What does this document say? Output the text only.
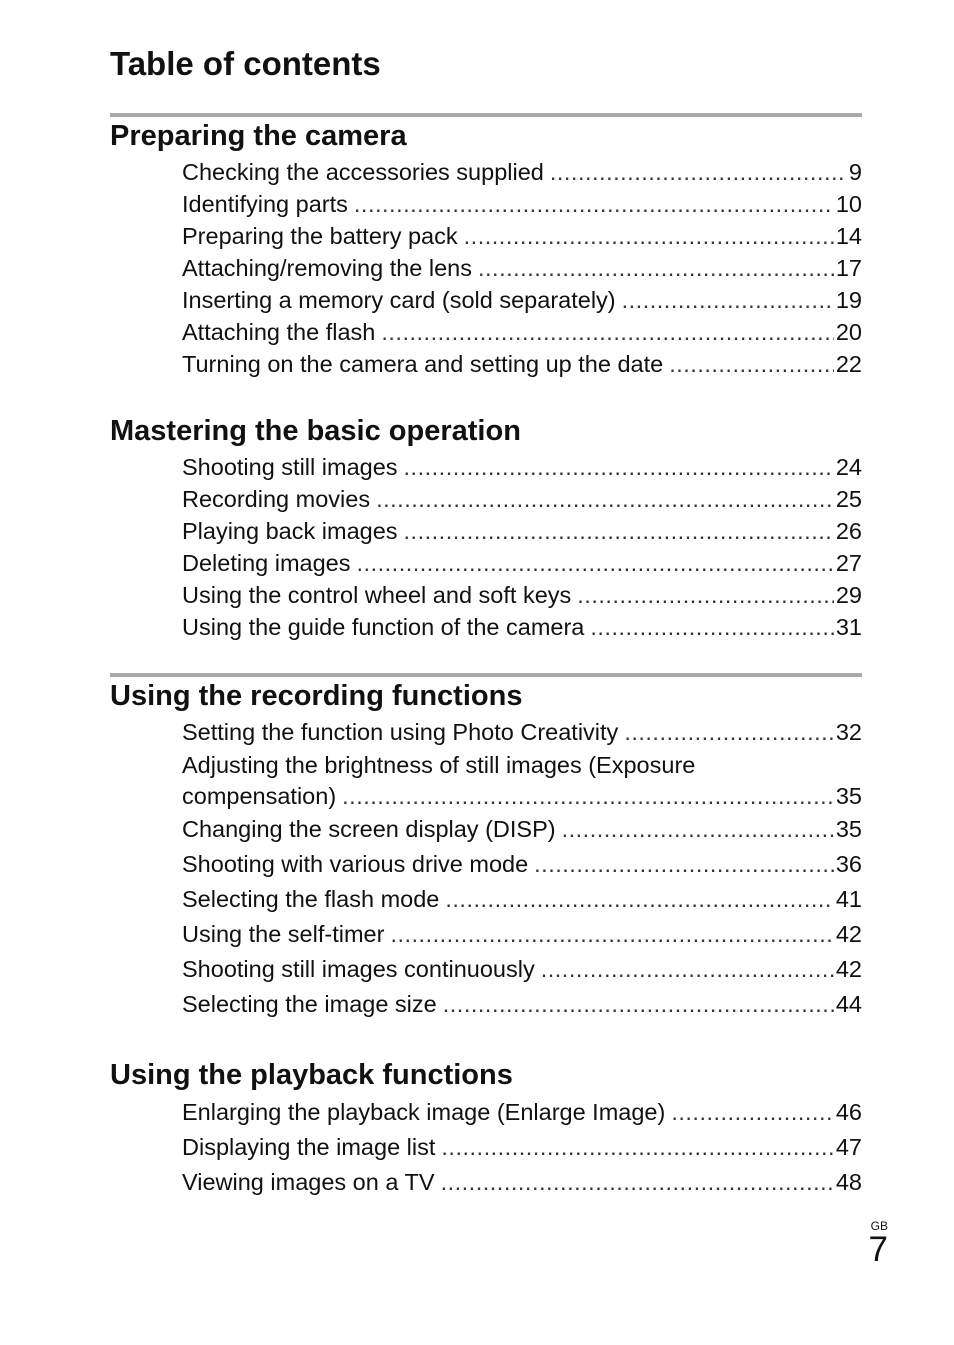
Table of contents
Preparing the camera
Checking the accessories supplied .....	9
Identifying parts .....	10
Preparing the battery pack .....	14
Attaching/removing the lens .....	17
Inserting a memory card (sold separately) .....	19
Attaching the flash .....	20
Turning on the camera and setting up the date .....	22
Mastering the basic operation
Shooting still images .....	24
Recording movies .....	25
Playing back images .....	26
Deleting images .....	27
Using the control wheel and soft keys .....	29
Using the guide function of the camera .....	31
Using the recording functions
Setting the function using Photo Creativity .....	32
Adjusting the brightness of still images (Exposure
compensation) .....	35
Changing the screen display (DISP) .....	35
Shooting with various drive mode .....	36
Selecting the flash mode .....	41
Using the self-timer .....	42
Shooting still images continuously .....	42
Selecting the image size .....	44
Using the playback functions
Enlarging the playback image (Enlarge Image) .....	46
Displaying the image list .....	47
Viewing images on a TV .....	48
GB
7
